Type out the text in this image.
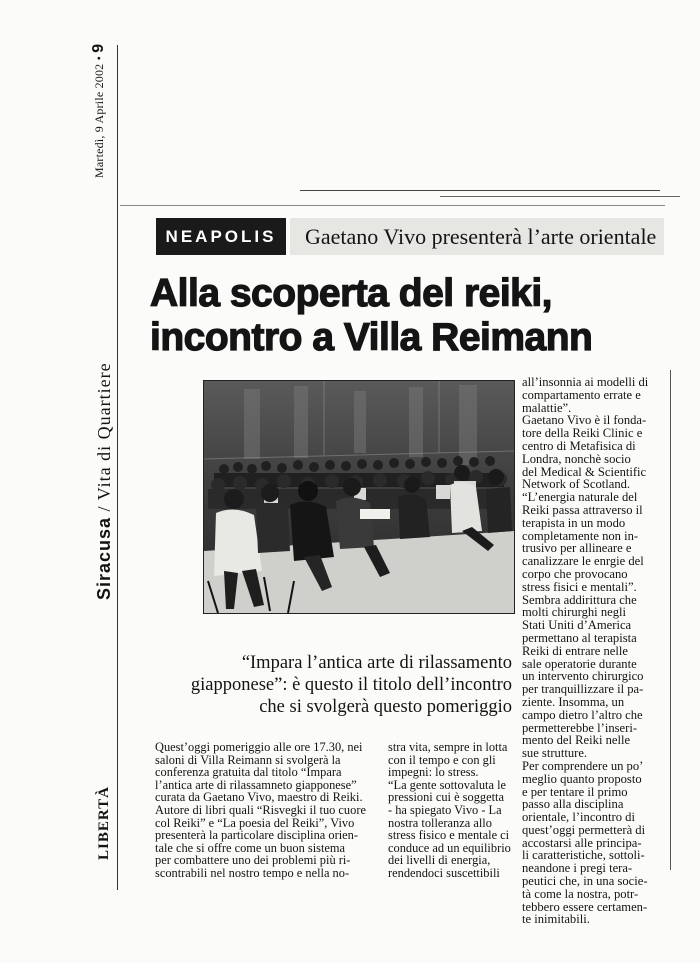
Martedì, 9 Aprile 2002 • 9
Siracusa / Vita di Quartiere
LIBERTÀ
NEAPOLIS	Gaetano Vivo presenterà l’arte orientale
Alla scoperta del reiki,
incontro a Villa Reimann

all’insonnia ai modelli di

compartamento errate e

malattie”.

Gaetano Vivo è il fonda-

tore della Reiki Clinic e

centro di Metafisica di

Londra, nonchè socio

del Medical & Scientific

Network of Scotland.

“L’energia naturale del

Reiki passa attraverso il

terapista in un modo

completamente non in-

trusivo per allineare e

canalizzare le enrgie del

corpo che provocano

stress fisici e mentali”.

Sembra addirittura che

molti chirurghi negli

Stati Uniti d’America

permettano al terapista

Reiki di entrare nelle

sale operatorie durante

un intervento chirurgico

per tranquillizzare il pa-

ziente. Insomma, un

campo dietro l’altro che

permetterebbe l’inseri-

mento del Reiki nelle

sue strutture.

Per comprendere un po’

meglio quanto proposto

e per tentare il primo

passo alla disciplina

orientale, l’incontro di

quest’oggi permetterà di

accostarsi alle principa-

li caratteristiche, sottoli-

neandone i pregi tera-

peutici che, in una socie-

tà come la nostra, potr-

tebbero essere certamen-

te inimitabili.

“Impara l’antica arte di rilassamento
giapponese”: è questo il titolo dell’incontro
che si svolgerà questo pomeriggio

Quest’oggi pomeriggio alle ore 17.30, nei

saloni di Villa Reimann si svolgerà la

conferenza gratuita dal titolo “Impara

l’antica arte di rilassamneto giapponese”

curata da Gaetano Vivo, maestro di Reiki.

Autore di libri quali “Risvegki il tuo cuore

col Reiki” e “La poesia del Reiki”, Vivo

presenterà la particolare disciplina orien-

tale che si offre come un buon sistema

per combattere uno dei problemi più ri-

scontrabili nel nostro tempo e nella no-

stra vita, sempre in lotta

con il tempo e con gli

impegni: lo stress.

“La gente sottovaluta le

pressioni cui è soggetta

- ha spiegato Vivo - La

nostra tolleranza allo

stress fisico e mentale ci

conduce ad un equilibrio

dei livelli di energia,

rendendoci suscettibili
